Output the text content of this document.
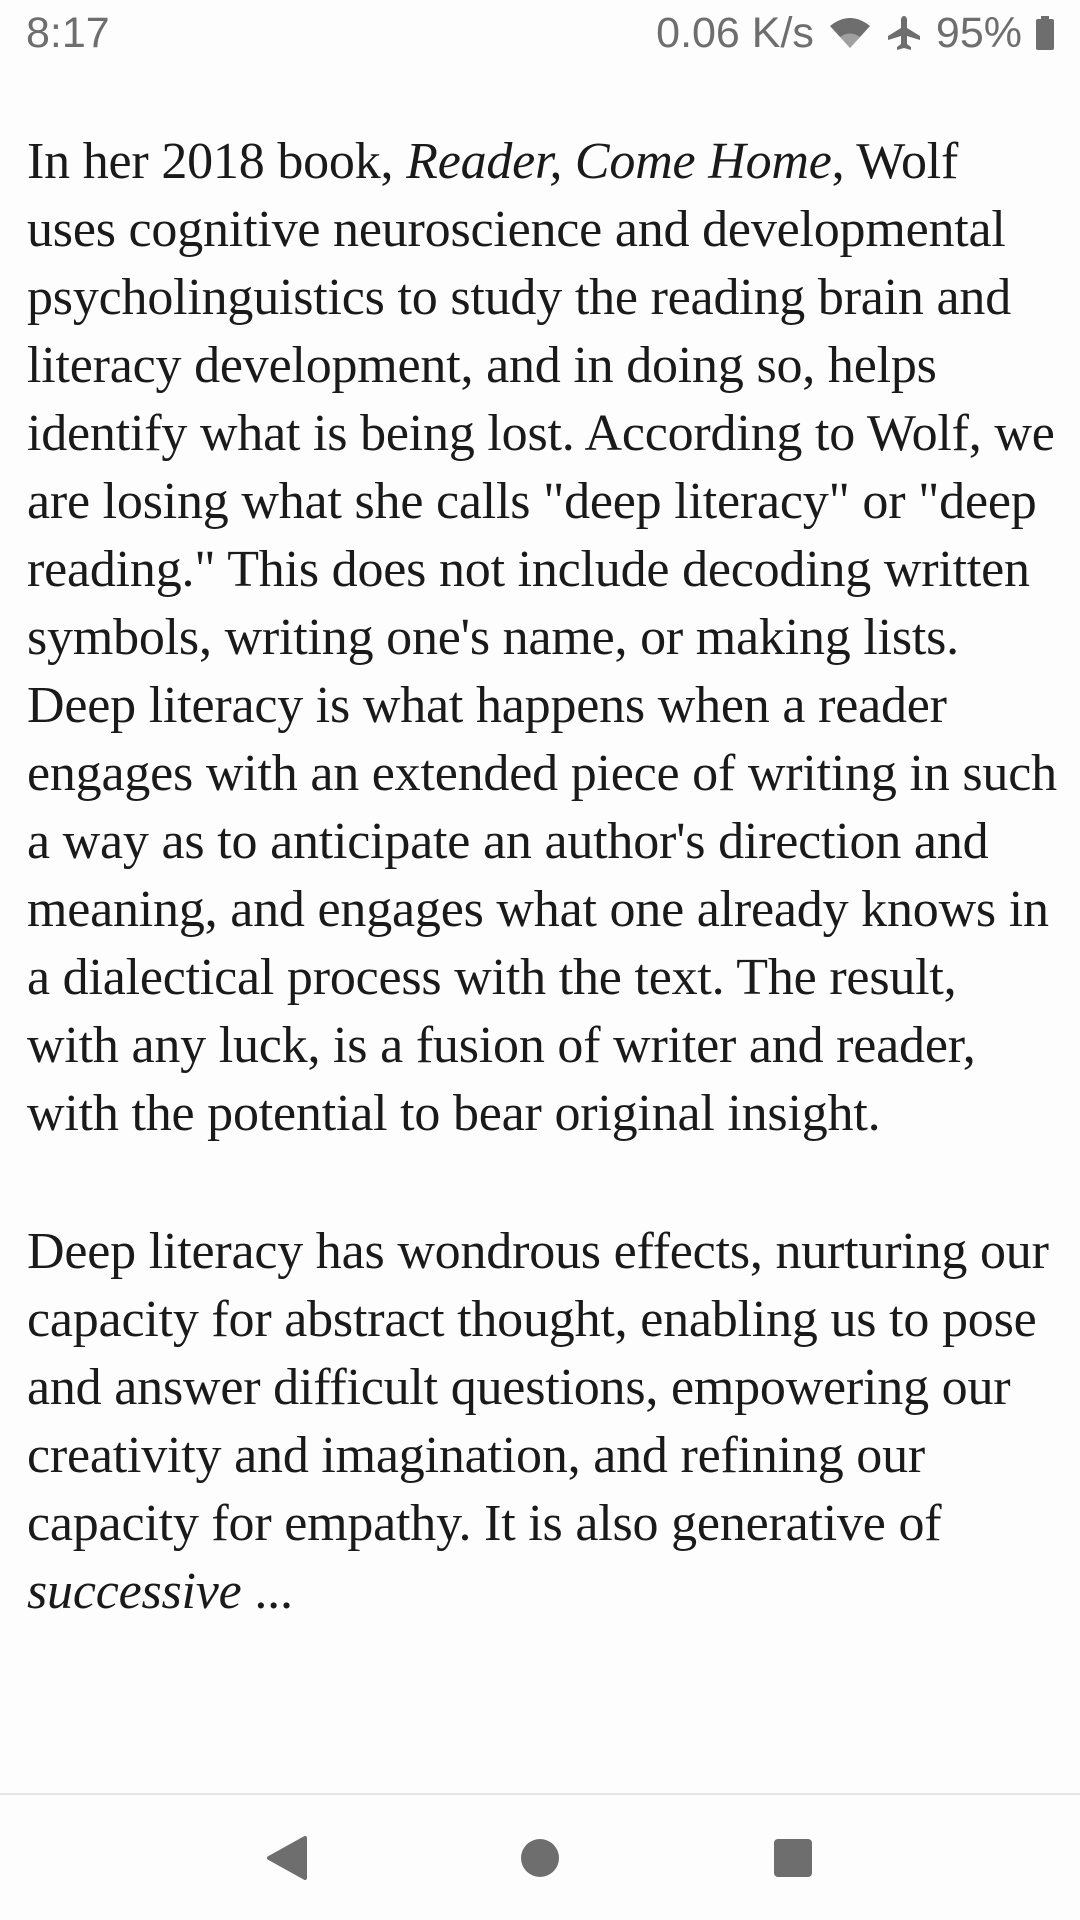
8:17	0.06 K/s	95%

In her 2018 book, Reader, Come Home, Wolf uses cognitive neuroscience and developmental psycholinguistics to study the reading brain and literacy development, and in doing so, helps identify what is being lost. According to Wolf, we are losing what she calls "deep literacy" or "deep reading." This does not include decoding written symbols, writing one's name, or making lists. Deep literacy is what happens when a reader engages with an extended piece of writing in such a way as to anticipate an author's direction and meaning, and engages what one already knows in a dialectical process with the text. The result, with any luck, is a fusion of writer and reader, with the potential to bear original insight.

Deep literacy has wondrous effects, nurturing our capacity for abstract thought, enabling us to pose and answer difficult questions, empowering our creativity and imagination, and refining our capacity for empathy. It is also generative of successive ...
